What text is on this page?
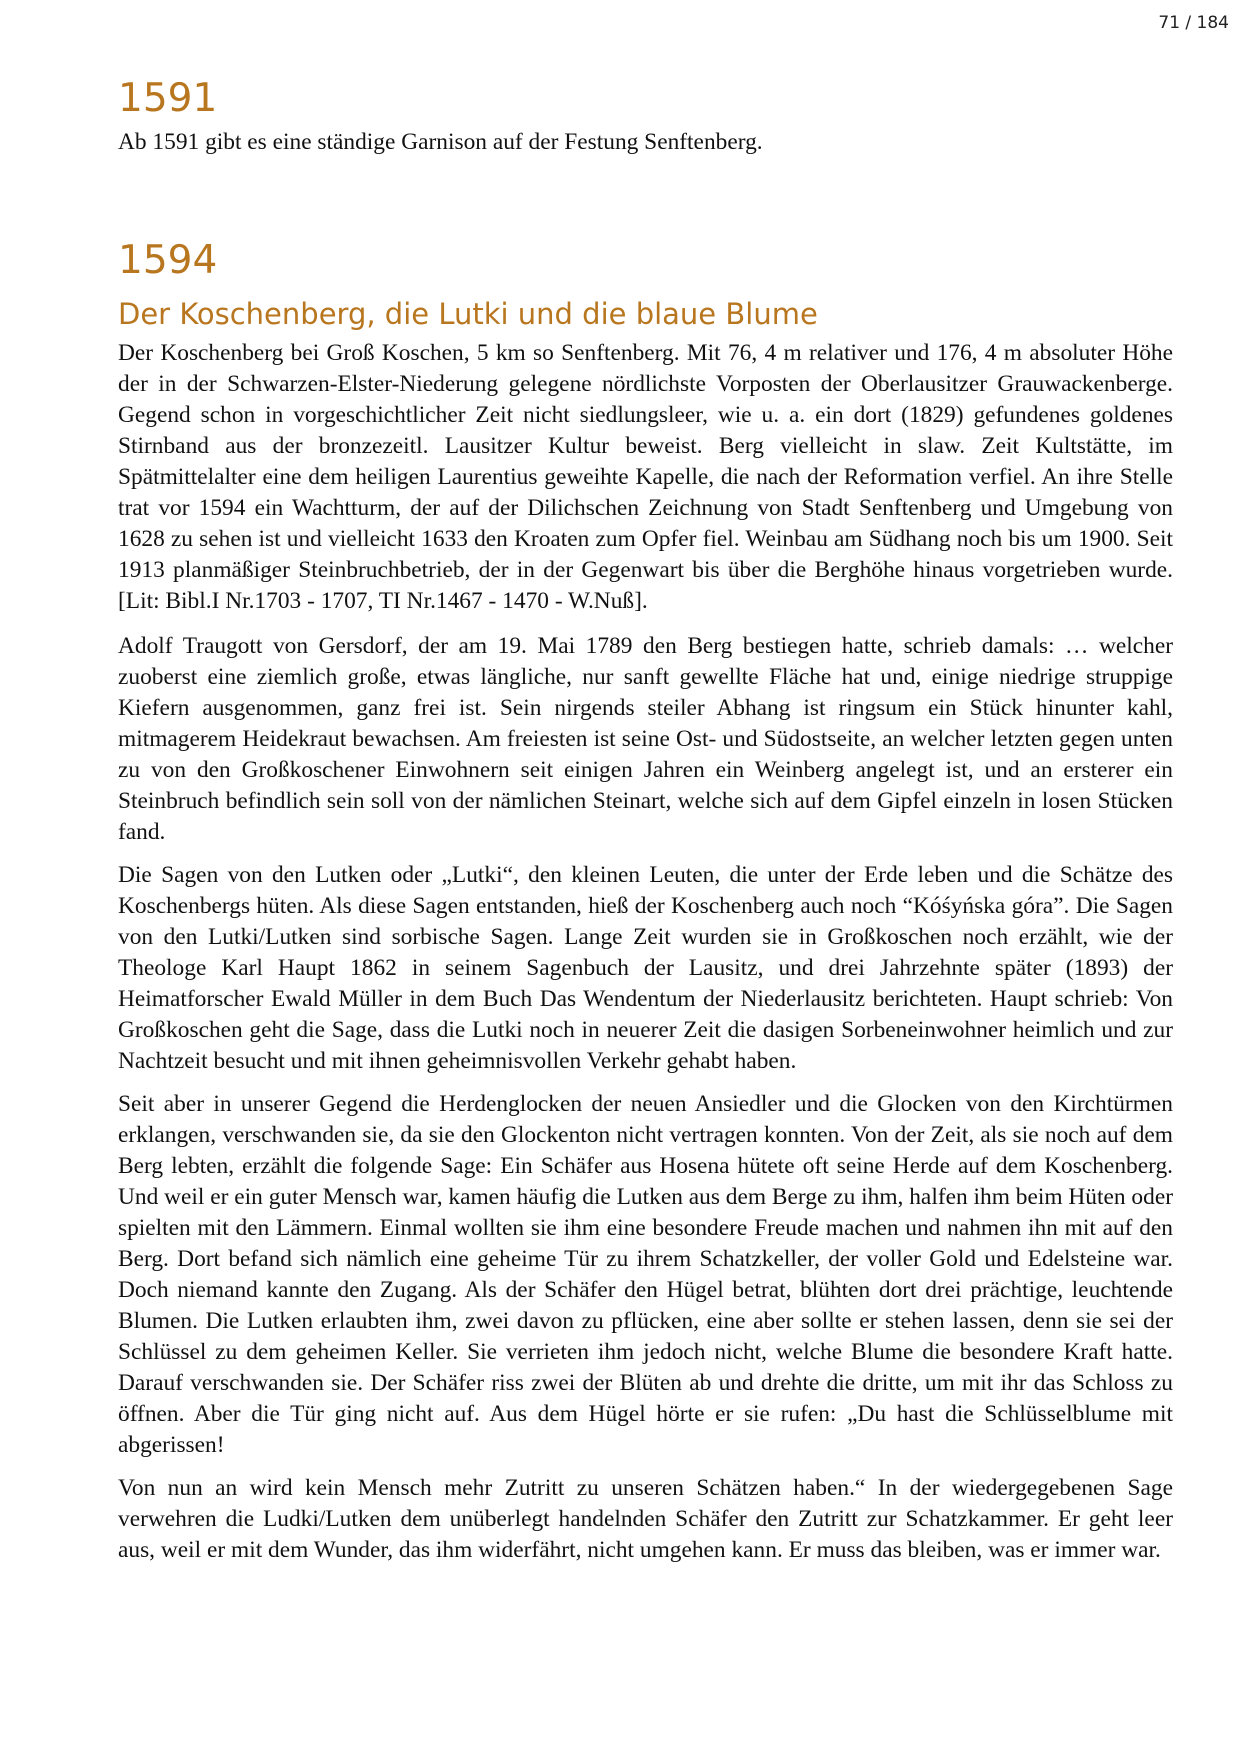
71 / 184
1591

Ab 1591 gibt es eine ständige Garnison auf der Festung Senftenberg.

1594
Der Koschenberg, die Lutki und die blaue Blume

Der Koschenberg bei Groß Koschen, 5 km so Senftenberg. Mit 76, 4 m relativer und 176, 4 m absoluter Höhe der in der Schwarzen-Elster-Niederung gelegene nördlichste Vorposten der Oberlausitzer Grauwackenberge. Gegend schon in vorgeschichtlicher Zeit nicht siedlungsleer, wie u. a. ein dort (1829) gefundenes goldenes Stirnband aus der bronzezeitl. Lausitzer Kultur beweist. Berg vielleicht in slaw. Zeit Kultstätte, im Spätmittelalter eine dem heiligen Laurentius geweihte Kapelle, die nach der Reformation verfiel. An ihre Stelle trat vor 1594 ein Wachtturm, der auf der Dilichschen Zeichnung von Stadt Senftenberg und Umgebung von 1628 zu sehen ist und vielleicht 1633 den Kroaten zum Opfer fiel. Weinbau am Südhang noch bis um 1900. Seit 1913 planmäßiger Steinbruchbetrieb, der in der Gegenwart bis über die Berghöhe hinaus vorgetrieben wurde. [Lit: Bibl.I Nr.1703 - 1707, TI Nr.1467 - 1470 - W.Nuß].

Adolf Traugott von Gersdorf, der am 19. Mai 1789 den Berg bestiegen hatte, schrieb damals: … welcher zuoberst eine ziemlich große, etwas längliche, nur sanft gewellte Fläche hat und, einige niedrige struppige Kiefern ausgenommen, ganz frei ist. Sein nirgends steiler Abhang ist ringsum ein Stück hinunter kahl, mitmagerem Heidekraut bewachsen. Am freiesten ist seine Ost- und Südostseite, an welcher letzten gegen unten zu von den Großkoschener Einwohnern seit einigen Jahren ein Weinberg angelegt ist, und an ersterer ein Steinbruch befindlich sein soll von der nämlichen Steinart, welche sich auf dem Gipfel einzeln in losen Stücken fand.

Die Sagen von den Lutken oder „Lutki“, den kleinen Leuten, die unter der Erde leben und die Schätze des Koschenbergs hüten. Als diese Sagen entstanden, hieß der Koschenberg auch noch “Kóśyńska góra”. Die Sagen von den Lutki/Lutken sind sorbische Sagen. Lange Zeit wurden sie in Großkoschen noch erzählt, wie der Theologe Karl Haupt 1862 in seinem Sagenbuch der Lausitz, und drei Jahrzehnte später (1893) der Heimatforscher Ewald Müller in dem Buch Das Wendentum der Niederlausitz berichteten. Haupt schrieb: Von Großkoschen geht die Sage, dass die Lutki noch in neuerer Zeit die dasigen Sorbeneinwohner heimlich und zur Nachtzeit besucht und mit ihnen geheimnisvollen Verkehr gehabt haben.

Seit aber in unserer Gegend die Herdenglocken der neuen Ansiedler und die Glocken von den Kirchtürmen erklangen, verschwanden sie, da sie den Glockenton nicht vertragen konnten. Von der Zeit, als sie noch auf dem Berg lebten, erzählt die folgende Sage: Ein Schäfer aus Hosena hütete oft seine Herde auf dem Koschenberg. Und weil er ein guter Mensch war, kamen häufig die Lutken aus dem Berge zu ihm, halfen ihm beim Hüten oder spielten mit den Lämmern. Einmal wollten sie ihm eine besondere Freude machen und nahmen ihn mit auf den Berg. Dort befand sich nämlich eine geheime Tür zu ihrem Schatzkeller, der voller Gold und Edelsteine war. Doch niemand kannte den Zugang. Als der Schäfer den Hügel betrat, blühten dort drei prächtige, leuchtende Blumen. Die Lutken erlaubten ihm, zwei davon zu pflücken, eine aber sollte er stehen lassen, denn sie sei der Schlüssel zu dem geheimen Keller. Sie verrieten ihm jedoch nicht, welche Blume die besondere Kraft hatte. Darauf verschwanden sie. Der Schäfer riss zwei der Blüten ab und drehte die dritte, um mit ihr das Schloss zu öffnen. Aber die Tür ging nicht auf. Aus dem Hügel hörte er sie rufen: „Du hast die Schlüsselblume mit abgerissen!

Von nun an wird kein Mensch mehr Zutritt zu unseren Schätzen haben.“ In der wiedergegebenen Sage verwehren die Ludki/Lutken dem unüberlegt handelnden Schäfer den Zutritt zur Schatzkammer. Er geht leer aus, weil er mit dem Wunder, das ihm widerfährt, nicht umgehen kann. Er muss das bleiben, was er immer war.
